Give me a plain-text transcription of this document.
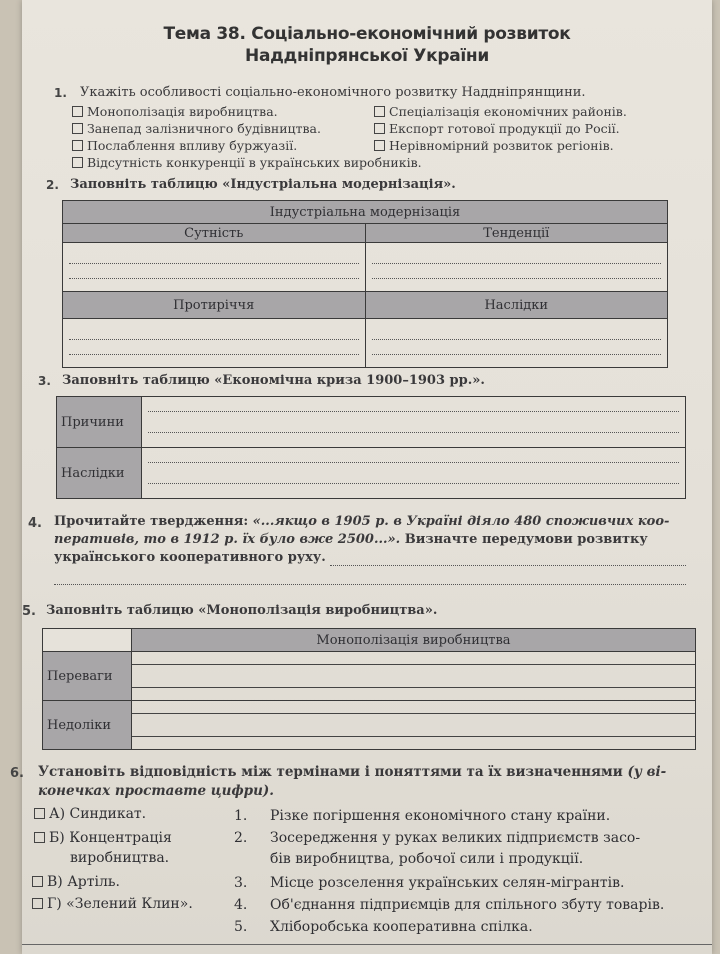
Тема 38. Соціально-економічний розвиток
Наддніпрянської України
1. Укажіть особливості соціально-економічного розвитку Наддніпрянщини.
Монополізація виробництва.	Спеціалізація економічних районів.
Занепад залізничного будівництва.	Експорт готової продукції до Росії.
Послаблення впливу буржуазії.	Нерівномірний розвиток регіонів.
Відсутність конкуренції в українських виробників.
2. Заповніть таблицю «Індустріальна модернізація».
Індустріальна модернізація	
Сутність	Тенденції

Протиріччя	Наслідки

3. Заповніть таблицю «Економічна криза 1900–1903 рр.».
Причини	

Наслідки	
4. Прочитайте твердження: «...якщо в 1905 р. в Україні діяло 480 споживчих коо-
перативів, то в 1912 р. їх було вже 2500...». Визначте передумови розвитку
українського кооперативного руху.
5. Заповніть таблицю «Монополізація виробництва».
	Монополізація виробництва
Переваги	

Недоліки	
6. Установіть відповідність між термінами і поняттями та їх визначеннями (у ві-
конечках проставте цифри).
А) Синдикат.
Б) Концентрація
виробництва.
В) Артіль.
Г) «Зелений Клин».
1. Різке погіршення економічного стану країни.
2. Зосередження у руках великих підприємств засо-
бів виробництва, робочої сили і продукції.
3. Місце розселення українських селян-мігрантів.
4. Об'єднання підприємців для спільного збуту товарів.
5. Хліборобська кооперативна спілка.
